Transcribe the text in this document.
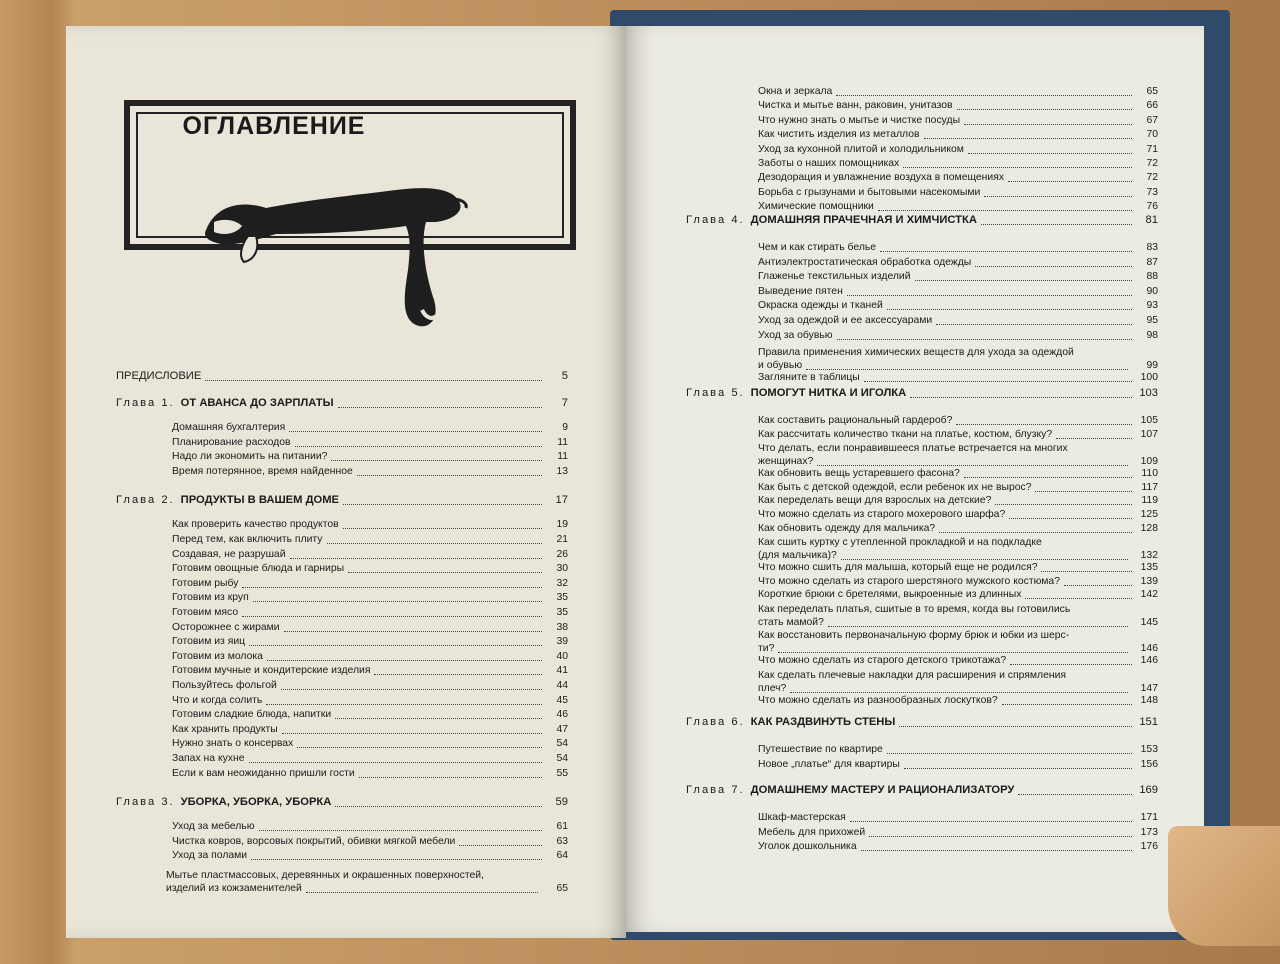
ОГЛАВЛЕНИЕ
ПРЕДИСЛОВИЕ	5
Глава 1. ОТ АВАНСА ДО ЗАРПЛАТЫ	7
Домашняя бухгалтерия	9
Планирование расходов	11
Надо ли экономить на питании?	11
Время потерянное, время найденное	13
Глава 2. ПРОДУКТЫ В ВАШЕМ ДОМЕ	17
Как проверить качество продуктов	19
Перед тем, как включить плиту	21
Создавая, не разрушай	26
Готовим овощные блюда и гарниры	30
Готовим рыбу	32
Готовим из круп	35
Готовим мясо	35
Осторожнее с жирами	38
Готовим из яиц	39
Готовим из молока	40
Готовим мучные и кондитерские изделия	41
Пользуйтесь фольгой	44
Что и когда солить	45
Готовим сладкие блюда, напитки	46
Как хранить продукты	47
Нужно знать о консервах	54
Запах на кухне	54
Если к вам неожиданно пришли гости	55
Глава 3. УБОРКА, УБОРКА, УБОРКА	59
Уход за мебелью	61
Чистка ковров, ворсовых покрытий, обивки мягкой мебели	63
Уход за полами	64
Мытье пластмассовых, деревянных и окрашенных поверхностей,
изделий из кожзаменителей	65
Окна и зеркала	65
Чистка и мытье ванн, раковин, унитазов	66
Что нужно знать о мытье и чистке посуды	67
Как чистить изделия из металлов	70
Уход за кухонной плитой и холодильником	71
Заботы о наших помощниках	72
Дезодорация и увлажнение воздуха в помещениях	72
Борьба с грызунами и бытовыми насекомыми	73
Химические помощники	76
Глава 4. ДОМАШНЯЯ ПРАЧЕЧНАЯ И ХИМЧИСТКА	81
Чем и как стирать белье	83
Антиэлектростатическая обработка одежды	87
Глаженье текстильных изделий	88
Выведение пятен	90
Окраска одежды и тканей	93
Уход за одеждой и ее аксессуарами	95
Уход за обувью	98
Правила применения химических веществ для ухода за одеждой
и обувью	99
Загляните в таблицы	100
Глава 5. ПОМОГУТ НИТКА И ИГОЛКА	103
Как составить рациональный гардероб?	105
Как рассчитать количество ткани на платье, костюм, блузку?	107
Что делать, если понравившееся платье встречается на многих
женщинах?	109
Как обновить вещь устаревшего фасона?	110
Как быть с детской одеждой, если ребенок их не вырос?	117
Как переделать вещи для взрослых на детские?	119
Что можно сделать из старого мохерового шарфа?	125
Как обновить одежду для мальчика?	128
Как сшить куртку с утепленной прокладкой и на подкладке
(для мальчика)?	132
Что можно сшить для малыша, который еще не родился?	135
Что можно сделать из старого шерстяного мужского костюма?	139
Короткие брюки с бретелями, выкроенные из длинных	142
Как переделать платья, сшитые в то время, когда вы готовились
стать мамой?	145
Как восстановить первоначальную форму брюк и юбки из шерс-
ти?	146
Что можно сделать из старого детского трикотажа?	146
Как сделать плечевые накладки для расширения и спрямления
плеч?	147
Что можно сделать из разнообразных лоскутков?	148
Глава 6. КАК РАЗДВИНУТЬ СТЕНЫ	151
Путешествие по квартире	153
Новое „платье“ для квартиры	156
Глава 7. ДОМАШНЕМУ МАСТЕРУ И РАЦИОНАЛИЗАТОРУ	169
Шкаф-мастерская	171
Мебель для прихожей	173
Уголок дошкольника	176
